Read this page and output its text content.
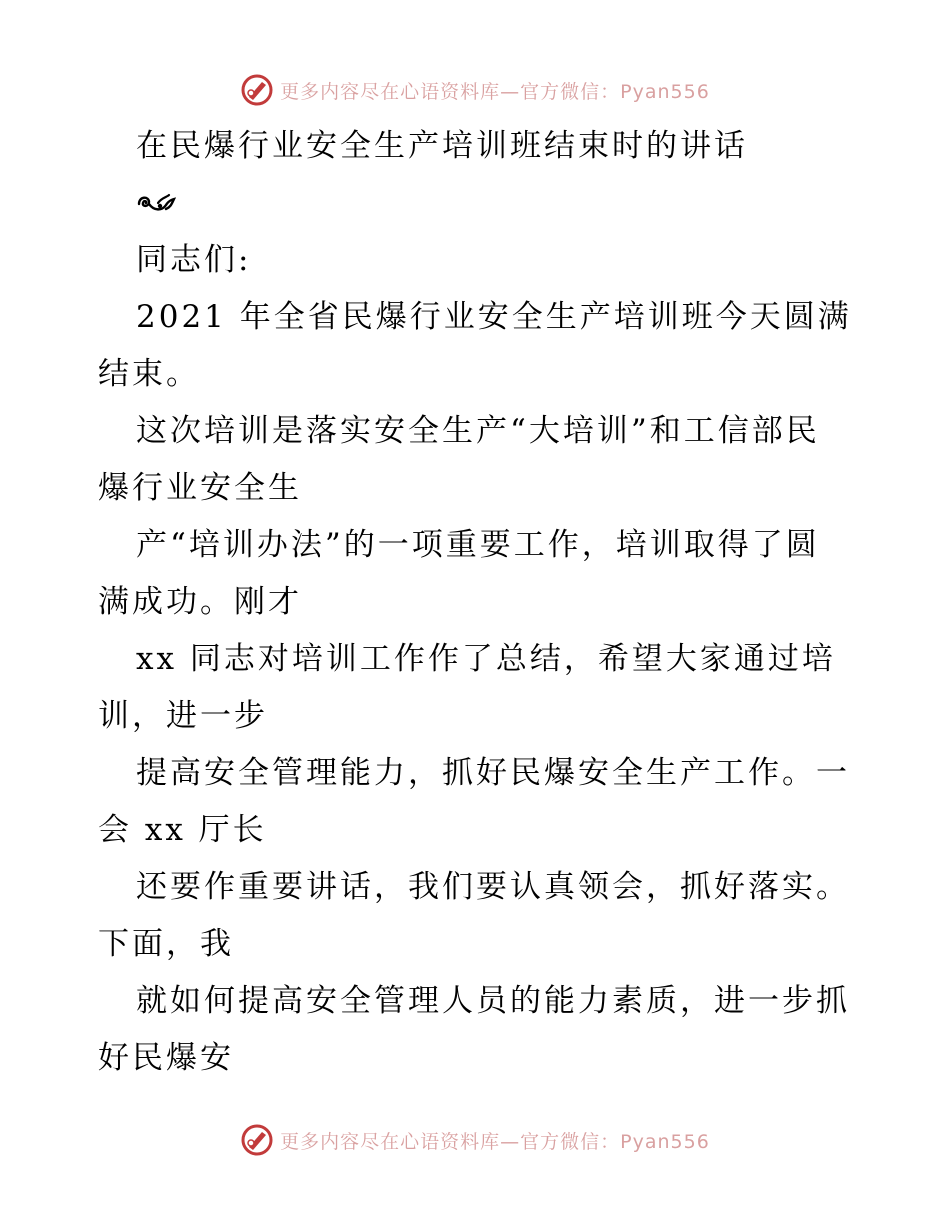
更多内容尽在心语资料库—官方微信：Pyan556
在民爆行业安全生产培训班结束时的讲话
同志们:
2021 年全省民爆行业安全生产培训班今天圆满
结束。
这次培训是落实安全生产“大培训”和工信部民
爆行业安全生
产“培训办法”的一项重要工作，培训取得了圆
满成功。刚才
xx 同志对培训工作作了总结，希望大家通过培
训，进一步
提高安全管理能力，抓好民爆安全生产工作。一
会 xx 厅长
还要作重要讲话，我们要认真领会，抓好落实。
下面，我
就如何提高安全管理人员的能力素质，进一步抓
好民爆安
更多内容尽在心语资料库—官方微信：Pyan556
